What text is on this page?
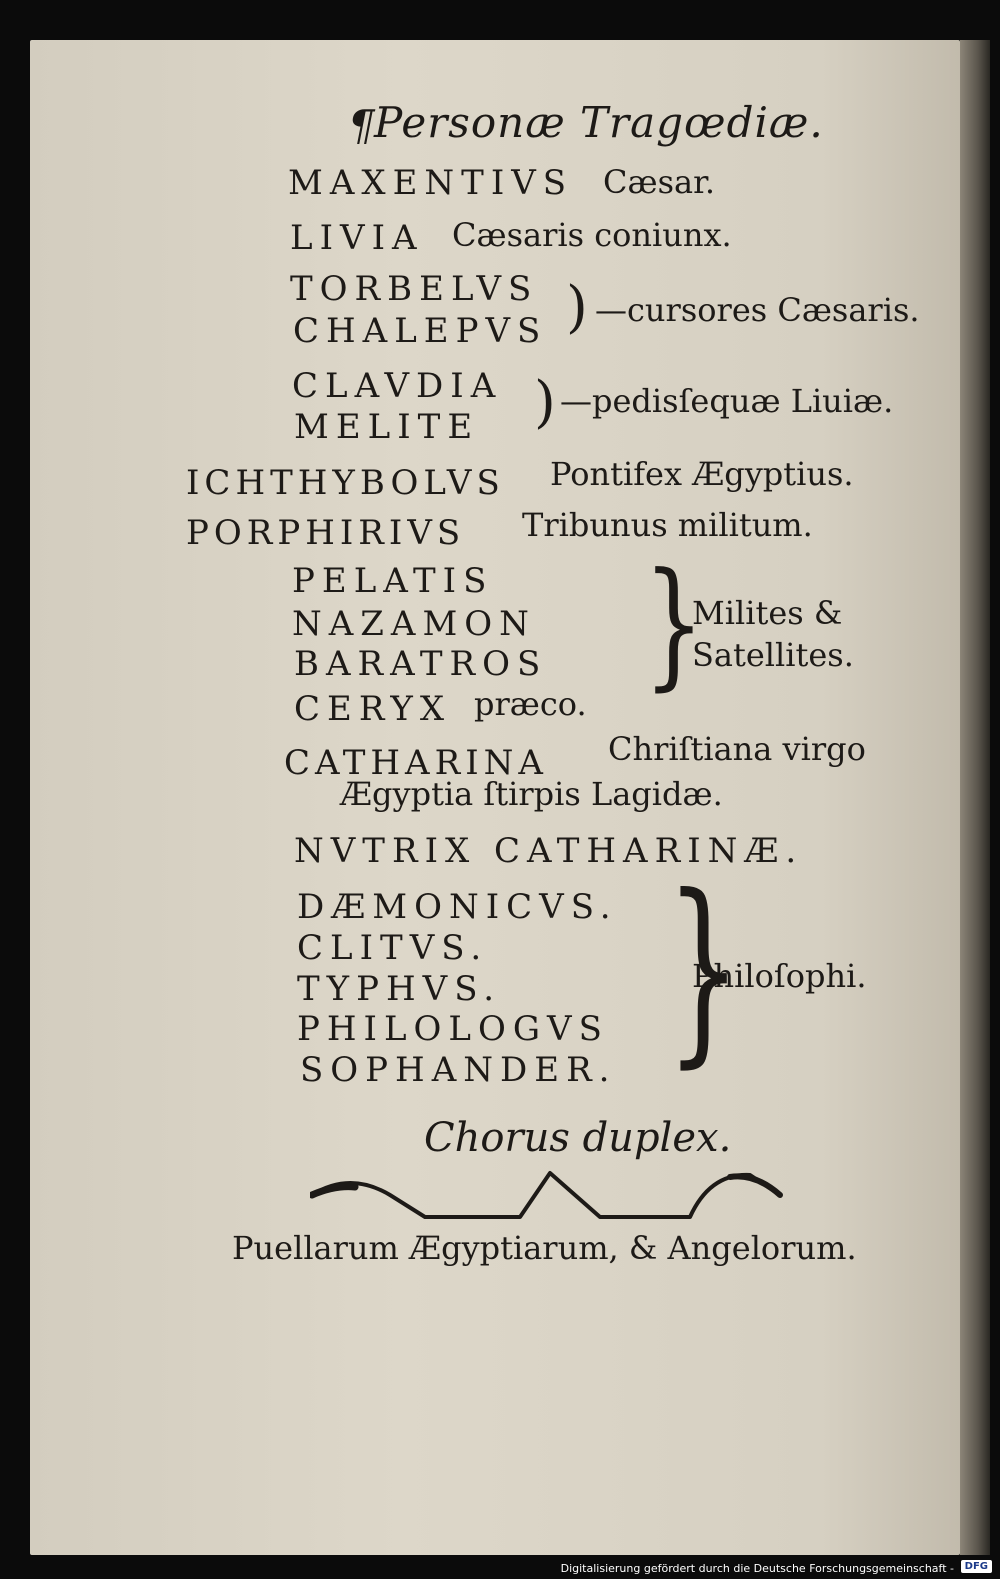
¶
Personæ Tragœdiæ.
MAXENTIVS Cæsar.
LIVIA Cæsaris coniunx.
TORBELVS
CHALEPVS ) —cursores Cæsaris.
CLAVDIA
MELITE ) —pedisſequæ Liuiæ.
ICHTHYBOLVS Pontifex Ægyptius.
PORPHIRIVS Tribunus militum.
PELATIS
NAZAMON
BARATROS
CERYX præco. }
Milites &
Satellites.
CATHARINA Chriſtiana virgo
Ægyptia ſtirpis Lagidæ.
NVTRIX CATHARINÆ.
DÆMONICVS.
CLITVS.
TYPHVS.
PHILOLOGVS
SOPHANDER. }
Philoſophi.
Chorus duplex.
Puellarum Ægyptiarum, & Angelorum.
Digitalisierung gefördert durch die Deutsche Forschungsgemeinschaft -	DFG
